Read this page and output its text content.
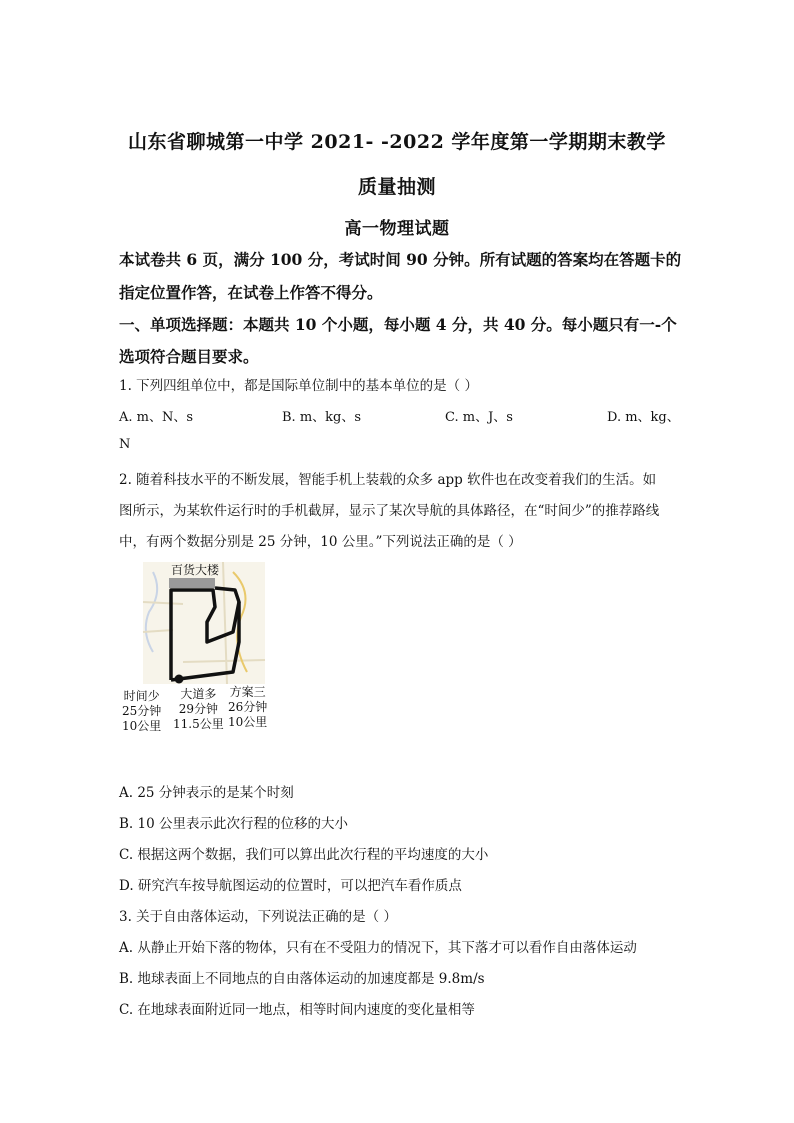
山东省聊城第一中学 2021- -2022 学年度第一学期期末教学
质量抽测
高一物理试题
本试卷共 6 页，满分 100 分，考试时间 90 分钟。所有试题的答案均在答题卡的
指定位置作答，在试卷上作答不得分。
一、单项选择题：本题共 10 个小题，每小题 4 分，共 40 分。每小题只有一-个
选项符合题目要求。
1. 下列四组单位中，都是国际单位制中的基本单位的是（ ）
A. m、N、s	B. m、kg、s	C. m、J、s	D. m、kg、
N
2. 随着科技水平的不断发展，智能手机上装载的众多 app 软件也在改变着我们的生活。如
图所示，为某软件运行时的手机截屏，显示了某次导航的具体路径，在“时间少”的推荐路线
中，有两个数据分别是 25 分钟，10 公里。”下列说法正确的是（ ）
百货大楼
时间少
25分钟
10公里
大道多
29分钟
11.5公里
方案三
26分钟
10公里
A. 25 分钟表示的是某个时刻
B. 10 公里表示此次行程的位移的大小
C. 根据这两个数据，我们可以算出此次行程的平均速度的大小
D. 研究汽车按导航图运动的位置时，可以把汽车看作质点
3. 关于自由落体运动，下列说法正确的是（ ）
A. 从静止开始下落的物体，只有在不受阻力的情况下，其下落才可以看作自由落体运动
B. 地球表面上不同地点的自由落体运动的加速度都是 9.8m/s
C. 在地球表面附近同一地点，相等时间内速度的变化量相等
